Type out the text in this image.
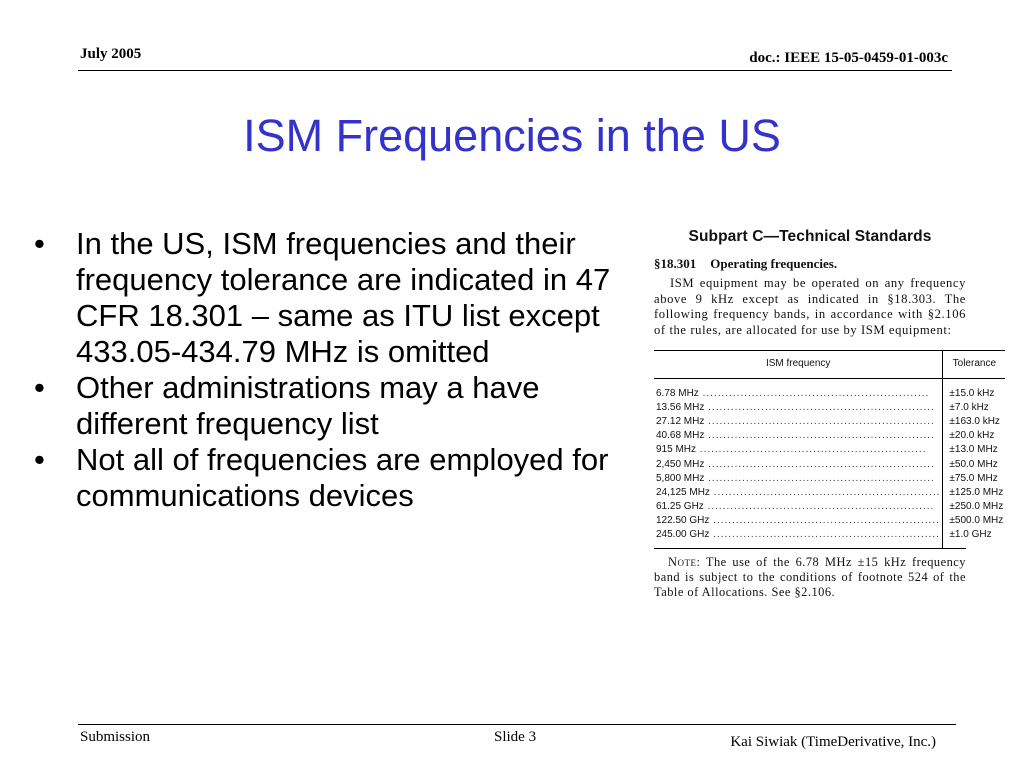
July 2005	doc.: IEEE 15-05-0459-01-003c
ISM Frequencies in the US
• In the US, ISM frequencies and their frequency tolerance are indicated in 47 CFR 18.301 – same as ITU list except 433.05-434.79 MHz is omitted
• Other administrations may a have different frequency list
• Not all of frequencies are employed for communications devices
Subpart C—Technical Standards
§18.301 Operating frequencies.
ISM equipment may be operated on any frequency above 9 kHz except as indicated in §18.303. The following frequency bands, in accordance with §2.106 of the rules, are allocated for use by ISM equipment:
ISM frequency	Tolerance
6.78 MHz ............................................................	±15.0 kHz
13.56 MHz ............................................................	±7.0 kHz
27.12 MHz ............................................................	±163.0 kHz
40.68 MHz ............................................................	±20.0 kHz
915 MHz ............................................................	±13.0 MHz
2,450 MHz ............................................................	±50.0 MHz
5,800 MHz ............................................................	±75.0 MHz
24,125 MHz ............................................................	±125.0 MHz
61.25 GHz ............................................................	±250.0 MHz
122.50 GHz ............................................................	±500.0 MHz
245.00 GHz ............................................................	±1.0 GHz
Note: The use of the 6.78 MHz ±15 kHz frequency band is subject to the conditions of footnote 524 of the Table of Allocations. See §2.106.
Submission	Slide 3	Kai Siwiak (TimeDerivative, Inc.)
